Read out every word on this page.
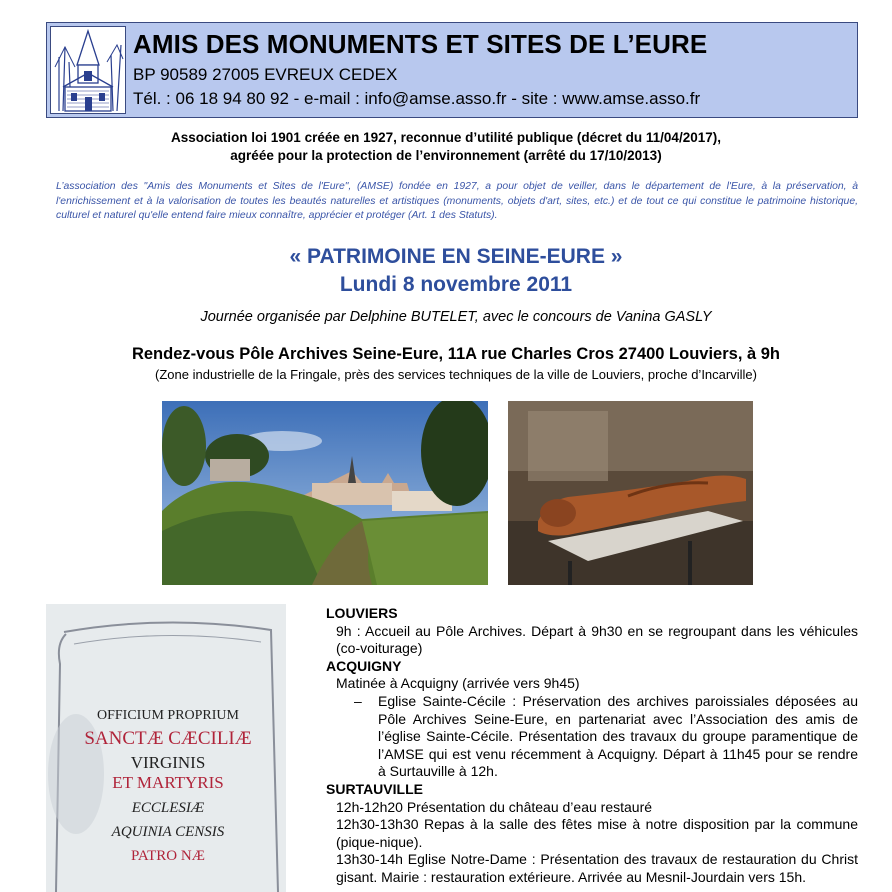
AMIS DES MONUMENTS ET SITES DE L’EURE
BP 90589 27005 EVREUX CEDEX
Tél. : 06 18 94 80 92 - e-mail : info@amse.asso.fr - site : www.amse.asso.fr
Association loi 1901 créée en 1927, reconnue d’utilité publique (décret du 11/04/2017),
agréée pour la protection de l’environnement (arrêté du 17/10/2013)
L’association des "Amis des Monuments et Sites de l'Eure", (AMSE) fondée en 1927, a pour objet de veiller, dans le département de l'Eure, à la préservation, à l'enrichissement et à la valorisation de toutes les beautés naturelles et artistiques (monuments, objets d'art, sites, etc.) et de tout ce qui constitue le patrimoine historique, culturel et naturel qu'elle entend faire mieux connaître, apprécier et protéger (Art. 1 des Statuts).
« PATRIMOINE EN SEINE-EURE »
Lundi 8 novembre 2011
Journée organisée par Delphine BUTELET, avec le concours de Vanina GASLY
Rendez-vous Pôle Archives Seine-Eure, 11A rue Charles Cros 27400 Louviers, à 9h
(Zone industrielle de la Fringale, près des services techniques de la ville de Louviers, proche d’Incarville)
OFFICIUM PROPRIUM
SANCTÆ CÆCILIÆ
VIRGINIS
ET MARTYRIS
ECCLESIÆ
AQUINIA CENSIS
PATRO NÆ
LOUVIERS
9h : Accueil au Pôle Archives. Départ à 9h30 en se regroupant dans les véhicules (co-voiturage)
ACQUIGNY
Matinée à Acquigny (arrivée vers 9h45)
–	Eglise Sainte-Cécile : Préservation des archives paroissiales déposées au Pôle Archives Seine-Eure, en partenariat avec l’Association des amis de l’église Sainte-Cécile. Présentation des travaux du groupe paramentique de l’AMSE qui est venu récemment à Acquigny. Départ à 11h45 pour se rendre à Surtauville à 12h.
SURTAUVILLE
12h-12h20 Présentation du château d’eau restauré
12h30-13h30 Repas à la salle des fêtes mise à notre disposition par la commune (pique-nique).
13h30-14h Eglise Notre-Dame : Présentation des travaux de restauration du Christ gisant. Mairie : restauration extérieure. Arrivée au Mesnil-Jourdain vers 15h.
